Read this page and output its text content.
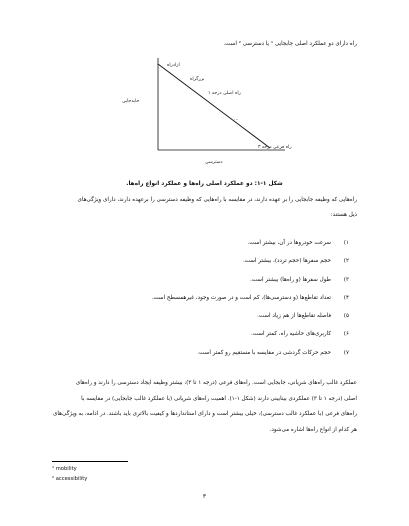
راه دارای دو عملکرد اصلی جابجایی ¹ یا دسترسی ² است.
ازادراه
بزرگراه
راه اصلی درجه ۱
...
راه فرعی درجه ۳
جابه‌جایی
دسترسی
شکل ۱-۱: دو عملکرد اصلی راه‌ها و عملکرد انواع راه‌ها.
راه‌هایی که وظیفه جابجایی را بر عهده دارند، در مقایسه با راه‌هایی که وظیفه دسترسی را برعهده دارند، دارای ویژگی‌های
ذیل هستند:
۱)سرعت خودروها در آن، بیشتر است.
۲)حجم سفرها (حجم تردد)، بیشتر است.
۳)طول سفرها (و راه‌ها) بیشتر است.
۴)تعداد تقاطع‌ها (و دسترسی‌ها)، کم است و در صورت وجود، غیرهمسطح است.
۵)فاصله تقاطع‌ها از هم زیاد است.
۶)کاربری‌های حاشیه راه، کمتر است.
۷)حجم حرکات گردشی در مقایسه با مستقیم رو کمتر است.
عملکرد غالب راه‌های شریانی، جابجایی است. راه‌های فرعی (درجه ۱ تا ۳)، بیشتر وظیفه ایجاد دسترسی را دارند و راه‌های
اصلی (درجه ۱ تا ۳) عملکردی بینابینی دارند (شکل ۱-۱). اهمیت راه‌های شریانی (با عملکرد غالب جابجایی) در مقایسه با
راه‌های فرعی (با عملکرد غالب دسترسی)، خیلی بیشتر است و دارای استانداردها و کیفیت بالاتری باید باشند. در ادامه، به ویژگی‌های
هر کدام از انواع راه‌ها اشاره می‌شود.
¹ mobility
² accessibility
۳
